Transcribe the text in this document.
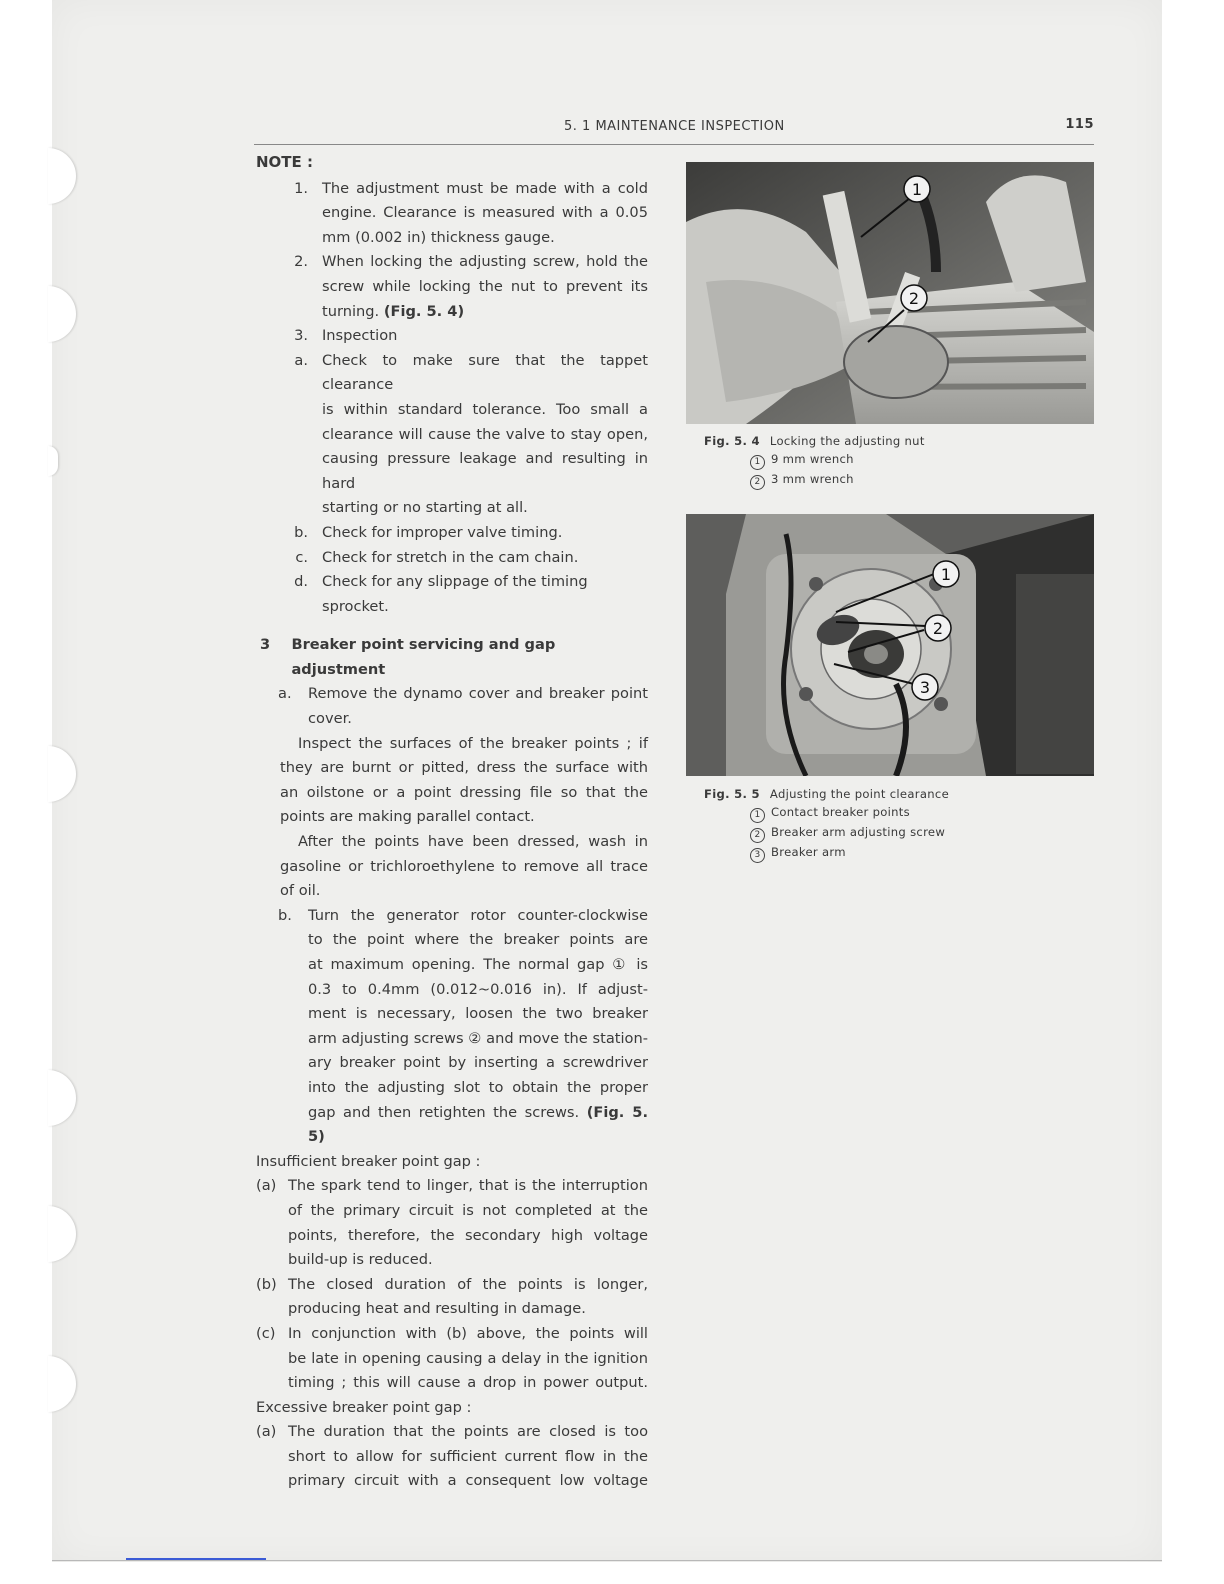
5. 1 MAINTENANCE INSPECTION	115

NOTE :

1. The adjustment must be made with a cold

engine. Clearance is measured with a 0.05

mm (0.002 in) thickness gauge.

2. When locking the adjusting screw, hold the

screw while locking the nut to prevent its

turning. (Fig. 5. 4)

3. Inspection

a. Check to make sure that the tappet clearance

is within standard tolerance. Too small a

clearance will cause the valve to stay open,

causing pressure leakage and resulting in hard

starting or no starting at all.

b. Check for improper valve timing.

c. Check for stretch in the cam chain.

d. Check for any slippage of the timing sprocket.

3	Breaker point servicing and gap adjustment
a.	Remove the dynamo cover and breaker point

cover.

Inspect the surfaces of the breaker points ; if

they are burnt or pitted, dress the surface with

an oilstone or a point dressing file so that the

points are making parallel contact.

After the points have been dressed, wash in

gasoline or trichloroethylene to remove all trace

of oil.

b.	Turn the generator rotor counter-clockwise

to the point where the breaker points are

at maximum opening. The normal gap ① is

0.3 to 0.4mm (0.012~0.016 in). If adjust-

ment is necessary, loosen the two breaker

arm adjusting screws ② and move the station-

ary breaker point by inserting a screwdriver

into the adjusting slot to obtain the proper

gap and then retighten the screws. (Fig. 5. 5)

Insufficient breaker point gap :

(a) The spark tend to linger, that is the interruption

of the primary circuit is not completed at the

points, therefore, the secondary high voltage

build-up is reduced.

(b) The closed duration of the points is longer,

producing heat and resulting in damage.

(c) In conjunction with (b) above, the points will

be late in opening causing a delay in the ignition

timing ; this will cause a drop in power output.

Excessive breaker point gap :

(a) The duration that the points are closed is too

short to allow for sufficient current flow in the

primary circuit with a consequent low voltage

1
2
Fig. 5. 4 Locking the adjusting nut
1 9 mm wrench
2 3 mm wrench
1
2
3
Fig. 5. 5 Adjusting the point clearance
1 Contact breaker points
2 Breaker arm adjusting screw
3 Breaker arm
